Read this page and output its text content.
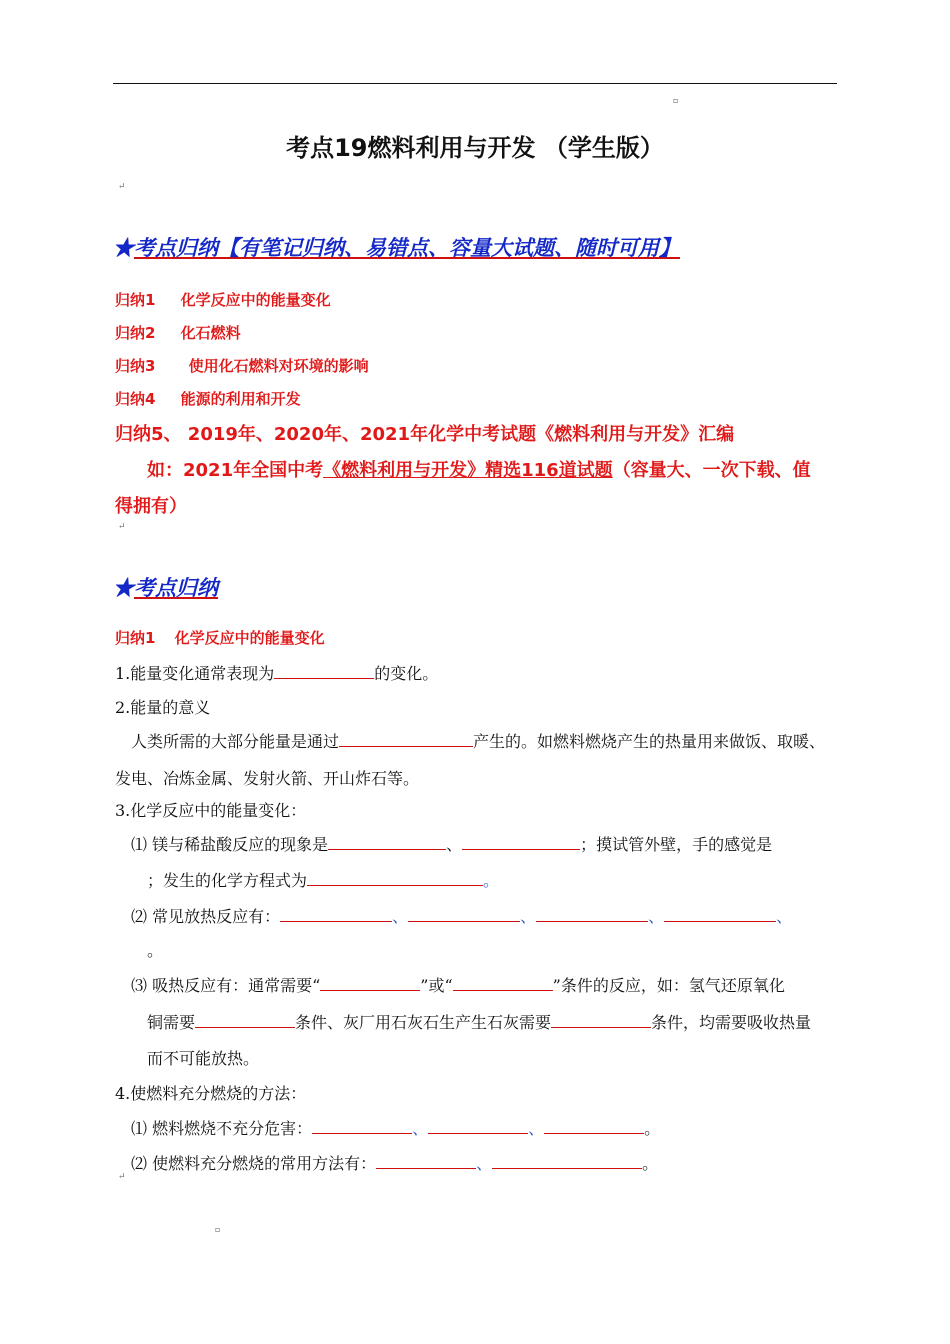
▫
考点19燃料利用与开发 （学生版）
↵
★考点归纳【有笔记归纳、易错点、容量大试题、随时可用】
归纳1 化学反应中的能量变化
归纳2 化石燃料
归纳3 使用化石燃料对环境的影响
归纳4 能源的利用和开发
归纳5、 2019年、2020年、2021年化学中考试题《燃料利用与开发》汇编
如：2021年全国中考《燃料利用与开发》精选116道试题（容量大、一次下载、值
得拥有）
↵
★考点归纳
归纳1 化学反应中的能量变化
1.能量变化通常表现为	的变化。
2.能量的意义
人类所需的大部分能量是通过	产生的。如燃料燃烧产生的热量用来做饭、取暖、
发电、冶炼金属、发射火箭、开山炸石等。
3.化学反应中的能量变化：
⑴ 镁与稀盐酸反应的现象是	、	；摸试管外壁，手的感觉是
；发生的化学方程式为	。
⑵ 常见放热反应有：	、	、	、	、
。
⑶ 吸热反应有：通常需要“	”或“	”条件的反应，如：氢气还原氧化
铜需要	条件、灰厂用石灰石生产生石灰需要	条件，均需要吸收热量
而不可能放热。
4.使燃料充分燃烧的方法：
⑴ 燃料燃烧不充分危害：	、	、	。
⑵ 使燃料充分燃烧的常用方法有：	、	。
↵
▫
